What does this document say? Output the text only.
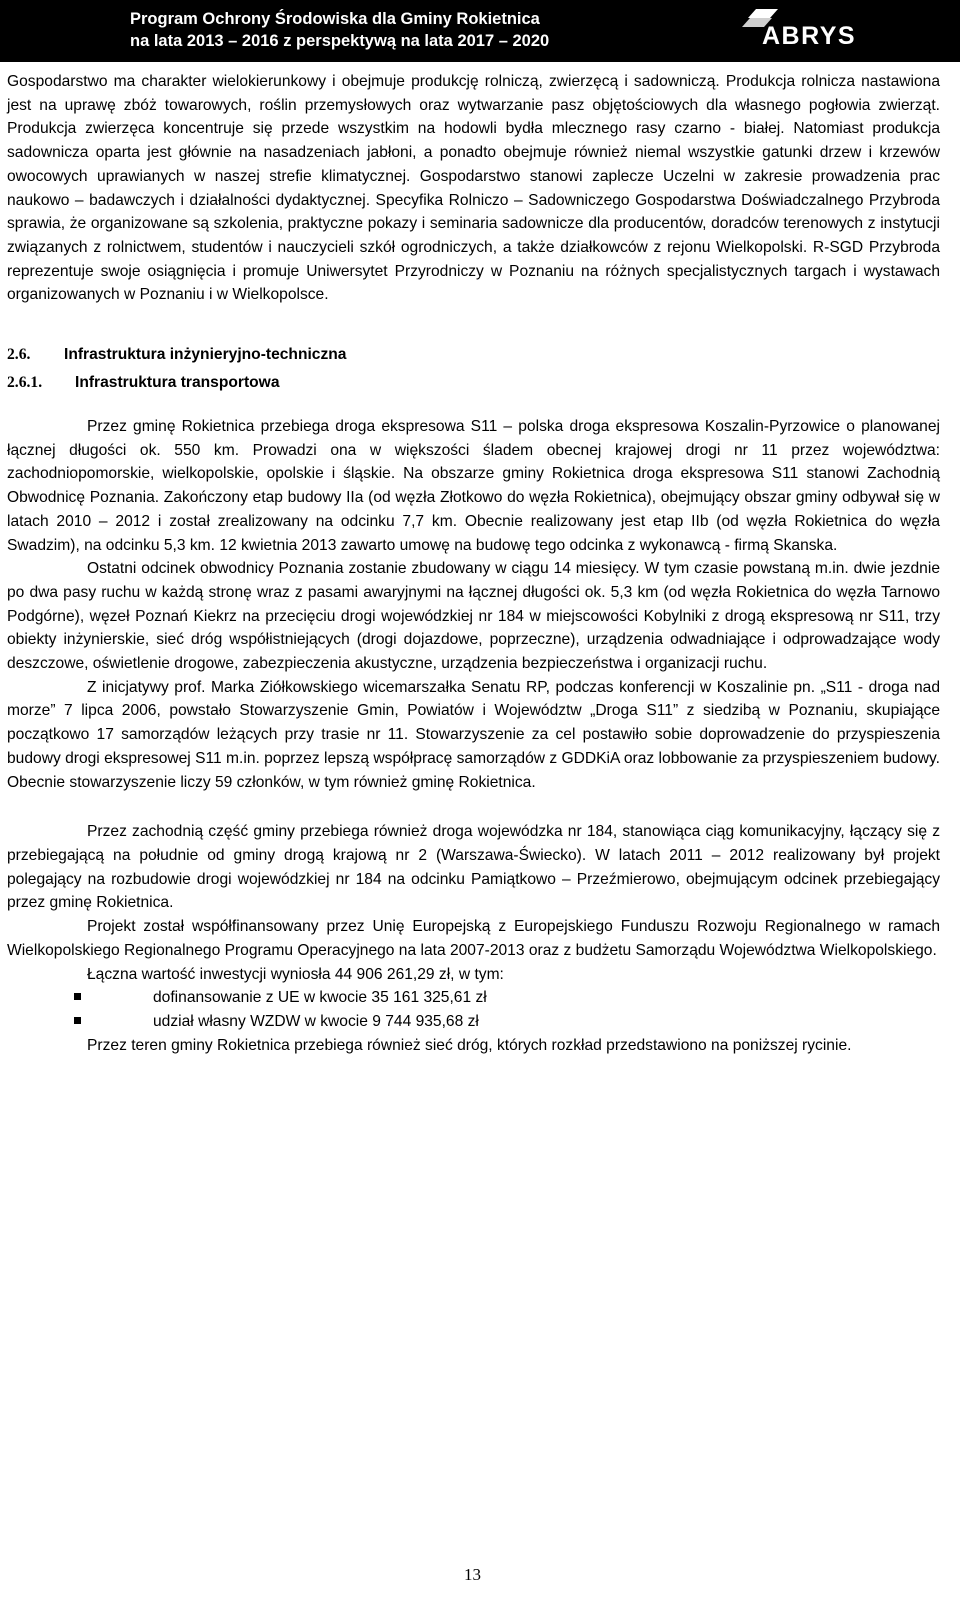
Program Ochrony Środowiska dla Gminy Rokietnica
na lata 2013 – 2016 z perspektywą na lata 2017 – 2020	ABRYS

Gospodarstwo ma charakter wielokierunkowy i obejmuje produkcję rolniczą, zwierzęcą i sadowniczą. Produkcja rolnicza nastawiona jest na uprawę zbóż towarowych, roślin przemysłowych oraz wytwarzanie pasz objętościowych dla własnego pogłowia zwierząt. Produkcja zwierzęca koncentruje się przede wszystkim na hodowli bydła mlecznego rasy czarno - białej. Natomiast produkcja sadownicza oparta jest głównie na nasadzeniach jabłoni, a ponadto obejmuje również niemal wszystkie gatunki drzew i krzewów owocowych uprawianych w naszej strefie klimatycznej. Gospodarstwo stanowi zaplecze Uczelni w zakresie prowadzenia prac naukowo – badawczych i działalności dydaktycznej. Specyfika Rolniczo – Sadowniczego Gospodarstwa Doświadczalnego Przybroda sprawia, że organizowane są szkolenia, praktyczne pokazy i seminaria sadownicze dla producentów, doradców terenowych z instytucji związanych z rolnictwem, studentów i nauczycieli szkół ogrodniczych, a także działkowców z rejonu Wielkopolski. R-SGD Przybroda reprezentuje swoje osiągnięcia i promuje Uniwersytet Przyrodniczy w Poznaniu na różnych specjalistycznych targach i wystawach organizowanych w Poznaniu i w Wielkopolsce.

2.6. Infrastruktura inżynieryjno-techniczna

2.6.1. Infrastruktura transportowa

Przez gminę Rokietnica przebiega droga ekspresowa S11 – polska droga ekspresowa Koszalin-Pyrzowice o planowanej łącznej długości ok. 550 km. Prowadzi ona w większości śladem obecnej krajowej drogi nr 11 przez województwa: zachodniopomorskie, wielkopolskie, opolskie i śląskie. Na obszarze gminy Rokietnica droga ekspresowa S11 stanowi Zachodnią Obwodnicę Poznania. Zakończony etap budowy IIa (od węzła Złotkowo do węzła Rokietnica), obejmujący obszar gminy odbywał się w latach 2010 – 2012 i został zrealizowany na odcinku 7,7 km. Obecnie realizowany jest etap IIb (od węzła Rokietnica do węzła Swadzim), na odcinku 5,3 km. 12 kwietnia 2013 zawarto umowę na budowę tego odcinka z wykonawcą - firmą Skanska.

Ostatni odcinek obwodnicy Poznania zostanie zbudowany w ciągu 14 miesięcy. W tym czasie powstaną m.in. dwie jezdnie po dwa pasy ruchu w każdą stronę wraz z pasami awaryjnymi na łącznej długości ok. 5,3 km (od węzła Rokietnica do węzła Tarnowo Podgórne), węzeł Poznań Kiekrz na przecięciu drogi wojewódzkiej nr 184 w miejscowości Kobylniki z drogą ekspresową nr S11, trzy obiekty inżynierskie, sieć dróg współistniejących (drogi dojazdowe, poprzeczne), urządzenia odwadniające i odprowadzające wody deszczowe, oświetlenie drogowe, zabezpieczenia akustyczne, urządzenia bezpieczeństwa i organizacji ruchu.

Z inicjatywy prof. Marka Ziółkowskiego wicemarszałka Senatu RP, podczas konferencji w Koszalinie pn. „S11 - droga nad morze” 7 lipca 2006, powstało Stowarzyszenie Gmin, Powiatów i Województw „Droga S11” z siedzibą w Poznaniu, skupiające początkowo 17 samorządów leżących przy trasie nr 11. Stowarzyszenie za cel postawiło sobie doprowadzenie do przyspieszenia budowy drogi ekspresowej S11 m.in. poprzez lepszą współpracę samorządów z GDDKiA oraz lobbowanie za przyspieszeniem budowy. Obecnie stowarzyszenie liczy 59 członków, w tym również gminę Rokietnica.

Przez zachodnią część gminy przebiega również droga wojewódzka nr 184, stanowiąca ciąg komunikacyjny, łączący się z przebiegającą na południe od gminy drogą krajową nr 2 (Warszawa-Świecko). W latach 2011 – 2012 realizowany był projekt polegający na rozbudowie drogi wojewódzkiej nr 184 na odcinku Pamiątkowo – Przeźmierowo, obejmującym odcinek przebiegający przez gminę Rokietnica.

Projekt został współfinansowany przez Unię Europejską z Europejskiego Funduszu Rozwoju Regionalnego w ramach Wielkopolskiego Regionalnego Programu Operacyjnego na lata 2007-2013 oraz z budżetu Samorządu Województwa Wielkopolskiego.

Łączna wartość inwestycji wyniosła 44 906 261,29 zł, w tym:

dofinansowanie z UE w kwocie 35 161 325,61 zł
udział własny WZDW w kwocie 9 744 935,68 zł

Przez teren gminy Rokietnica przebiega również sieć dróg, których rozkład przedstawiono na poniższej rycinie.

13
